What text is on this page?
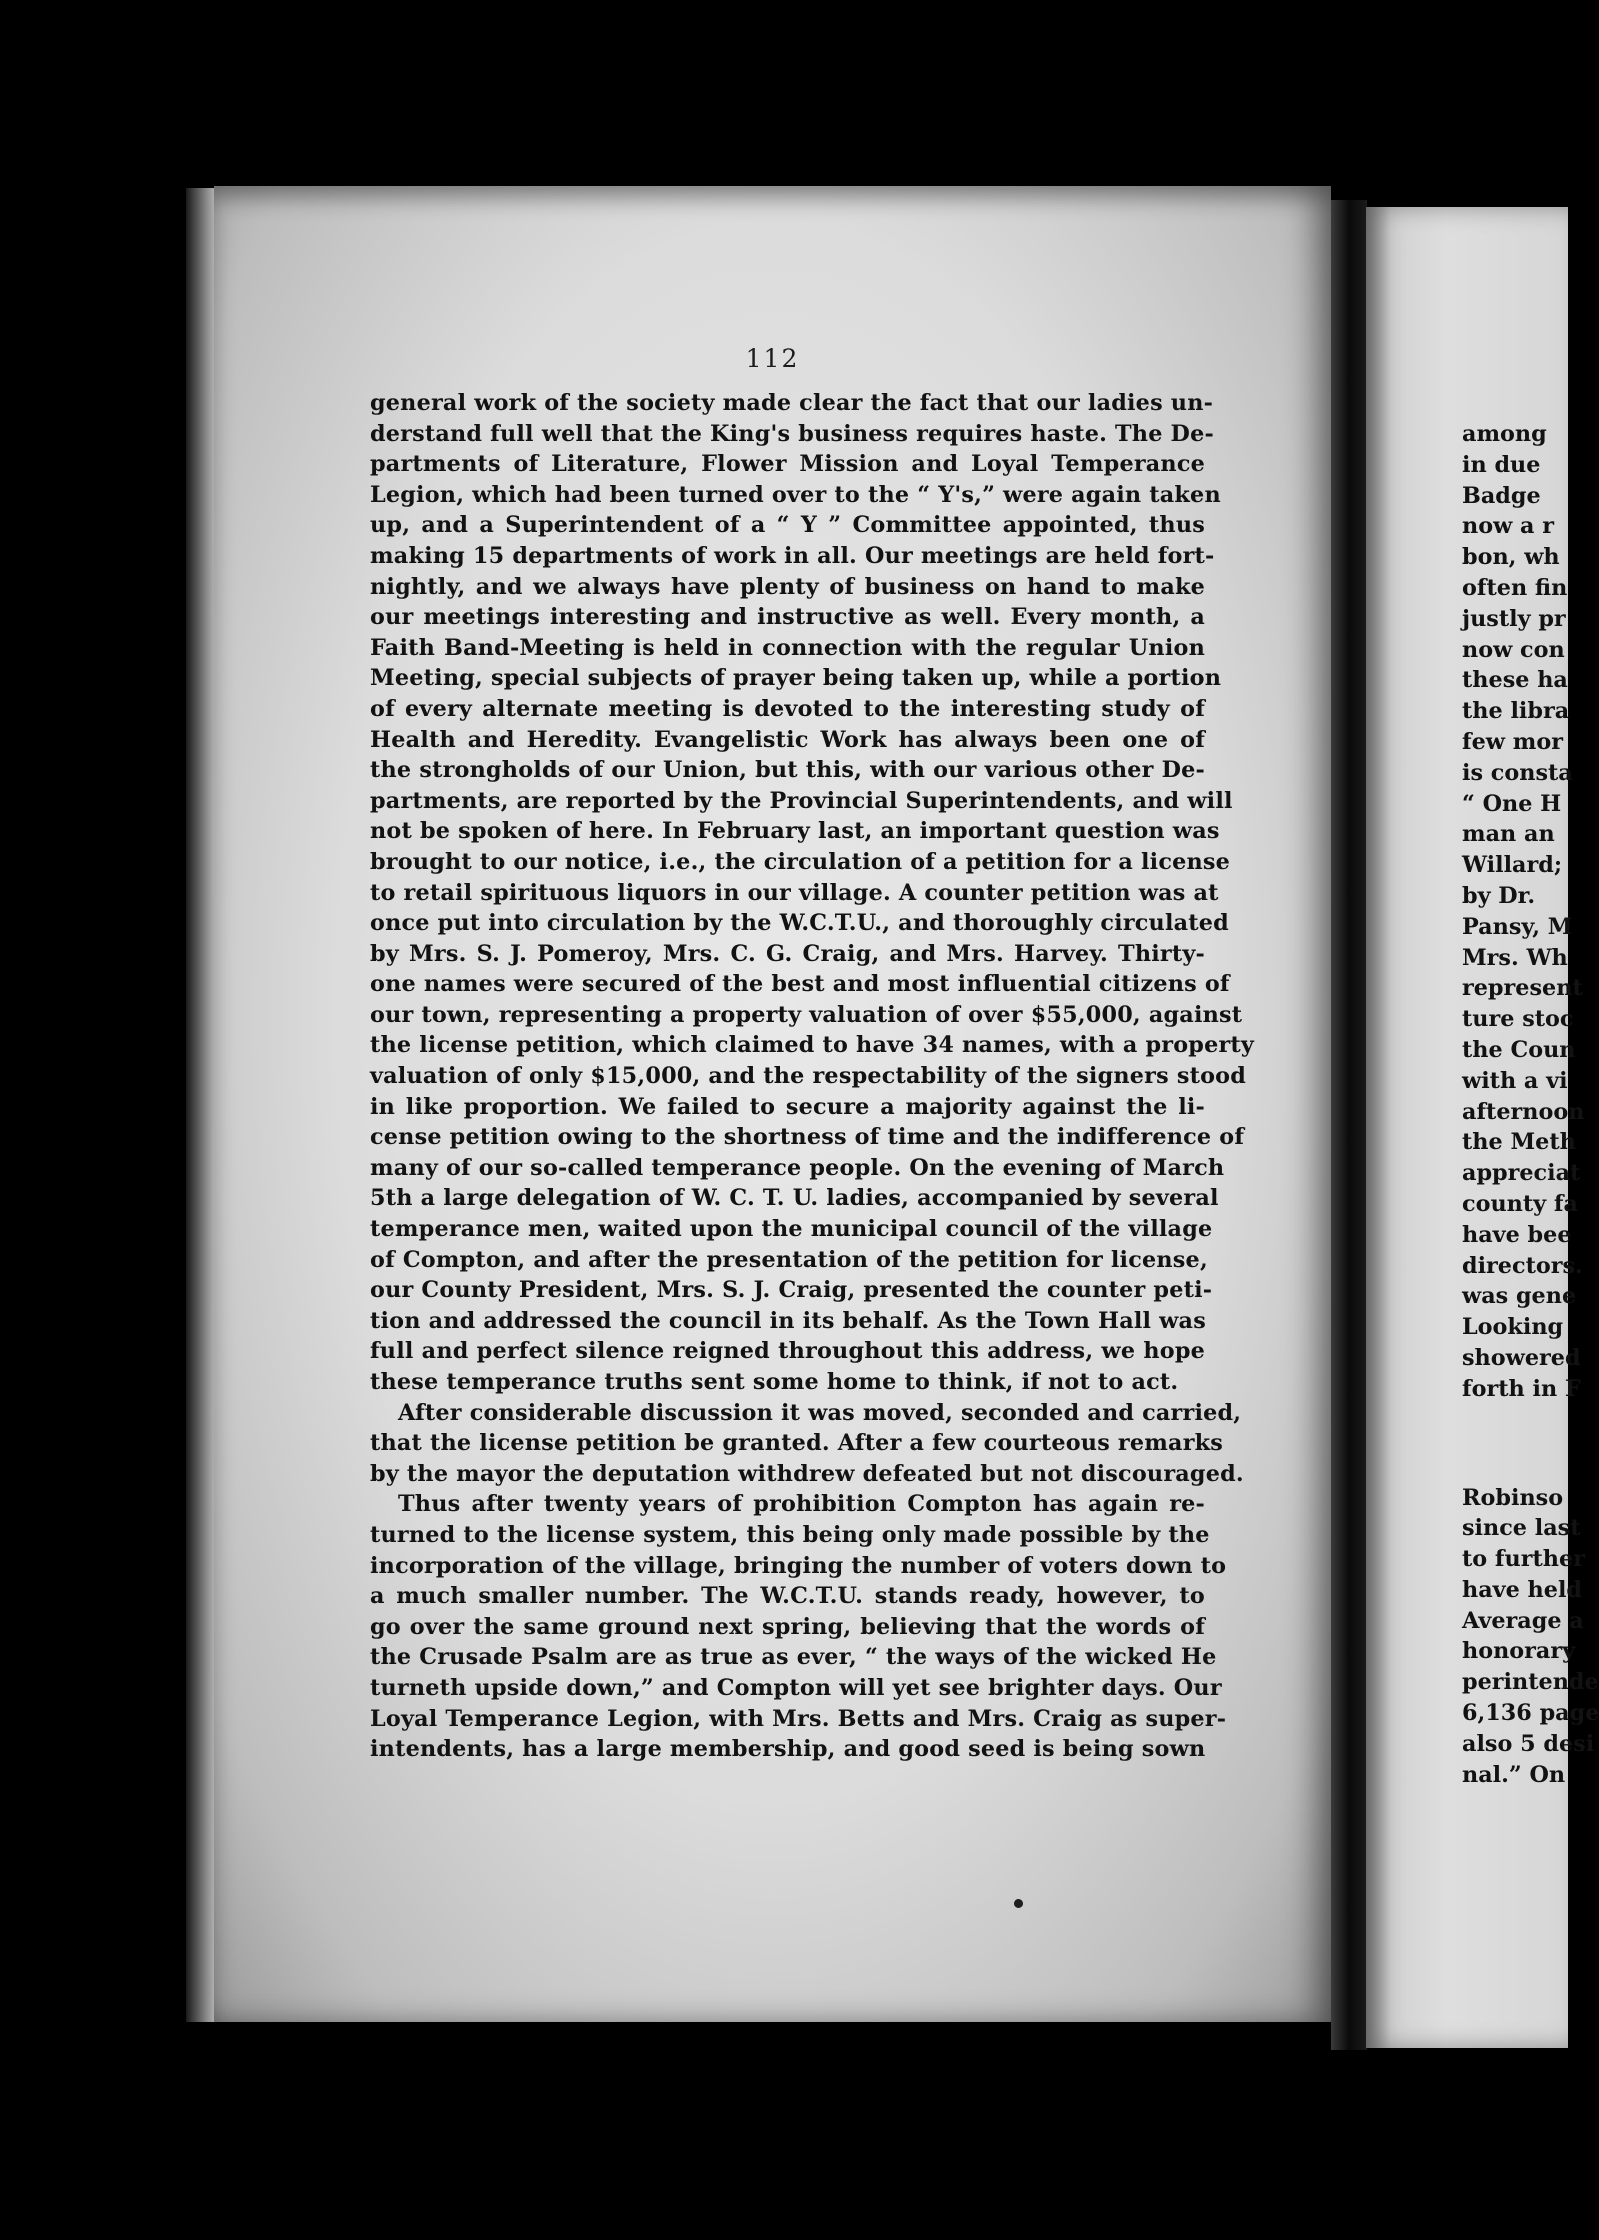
112
general work of the society made clear the fact that our ladies un-
derstand full well that the King's business requires haste. The De-
partments of Literature, Flower Mission and Loyal Temperance
Legion, which had been turned over to the “ Y's,” were again taken
up, and a Superintendent of a “ Y ” Committee appointed, thus
making 15 departments of work in all. Our meetings are held fort-
nightly, and we always have plenty of business on hand to make
our meetings interesting and instructive as well. Every month, a
Faith Band-Meeting is held in connection with the regular Union
Meeting, special subjects of prayer being taken up, while a portion
of every alternate meeting is devoted to the interesting study of
Health and Heredity. Evangelistic Work has always been one of
the strongholds of our Union, but this, with our various other De-
partments, are reported by the Provincial Superintendents, and will
not be spoken of here. In February last, an important question was
brought to our notice, i.e., the circulation of a petition for a license
to retail spirituous liquors in our village. A counter petition was at
once put into circulation by the W.C.T.U., and thoroughly circulated
by Mrs. S. J. Pomeroy, Mrs. C. G. Craig, and Mrs. Harvey. Thirty-
one names were secured of the best and most influential citizens of
our town, representing a property valuation of over $55,000, against
the license petition, which claimed to have 34 names, with a property
valuation of only $15,000, and the respectability of the signers stood
in like proportion. We failed to secure a majority against the li-
cense petition owing to the shortness of time and the indifference of
many of our so-called temperance people. On the evening of March
5th a large delegation of W. C. T. U. ladies, accompanied by several
temperance men, waited upon the municipal council of the village
of Compton, and after the presentation of the petition for license,
our County President, Mrs. S. J. Craig, presented the counter peti-
tion and addressed the council in its behalf. As the Town Hall was
full and perfect silence reigned throughout this address, we hope
these temperance truths sent some home to think, if not to act.
After considerable discussion it was moved, seconded and carried,
that the license petition be granted. After a few courteous remarks
by the mayor the deputation withdrew defeated but not discouraged.
Thus after twenty years of prohibition Compton has again re-
turned to the license system, this being only made possible by the
incorporation of the village, bringing the number of voters down to
a much smaller number. The W.C.T.U. stands ready, however, to
go over the same ground next spring, believing that the words of
the Crusade Psalm are as true as ever, “ the ways of the wicked He
turneth upside down,” and Compton will yet see brighter days. Our
Loyal Temperance Legion, with Mrs. Betts and Mrs. Craig as super-
intendents, has a large membership, and good seed is being sown
among
in due
Badge
now a r
bon, wh
often fin
justly pr
now con
these ha
the libra
few mor
is consta
“ One H
man an
Willard;
by Dr.
Pansy, M
Mrs. Wh
represent
ture stoc
the Coun
with a vi
afternoon
the Meth
appreciat
county fa
have bee
directors.
was gene
Looking
showered
forth in F
Robinso
since last
to further
have held
Average a
honorary
perintende
6,136 page
also 5 desi
nal.” On
